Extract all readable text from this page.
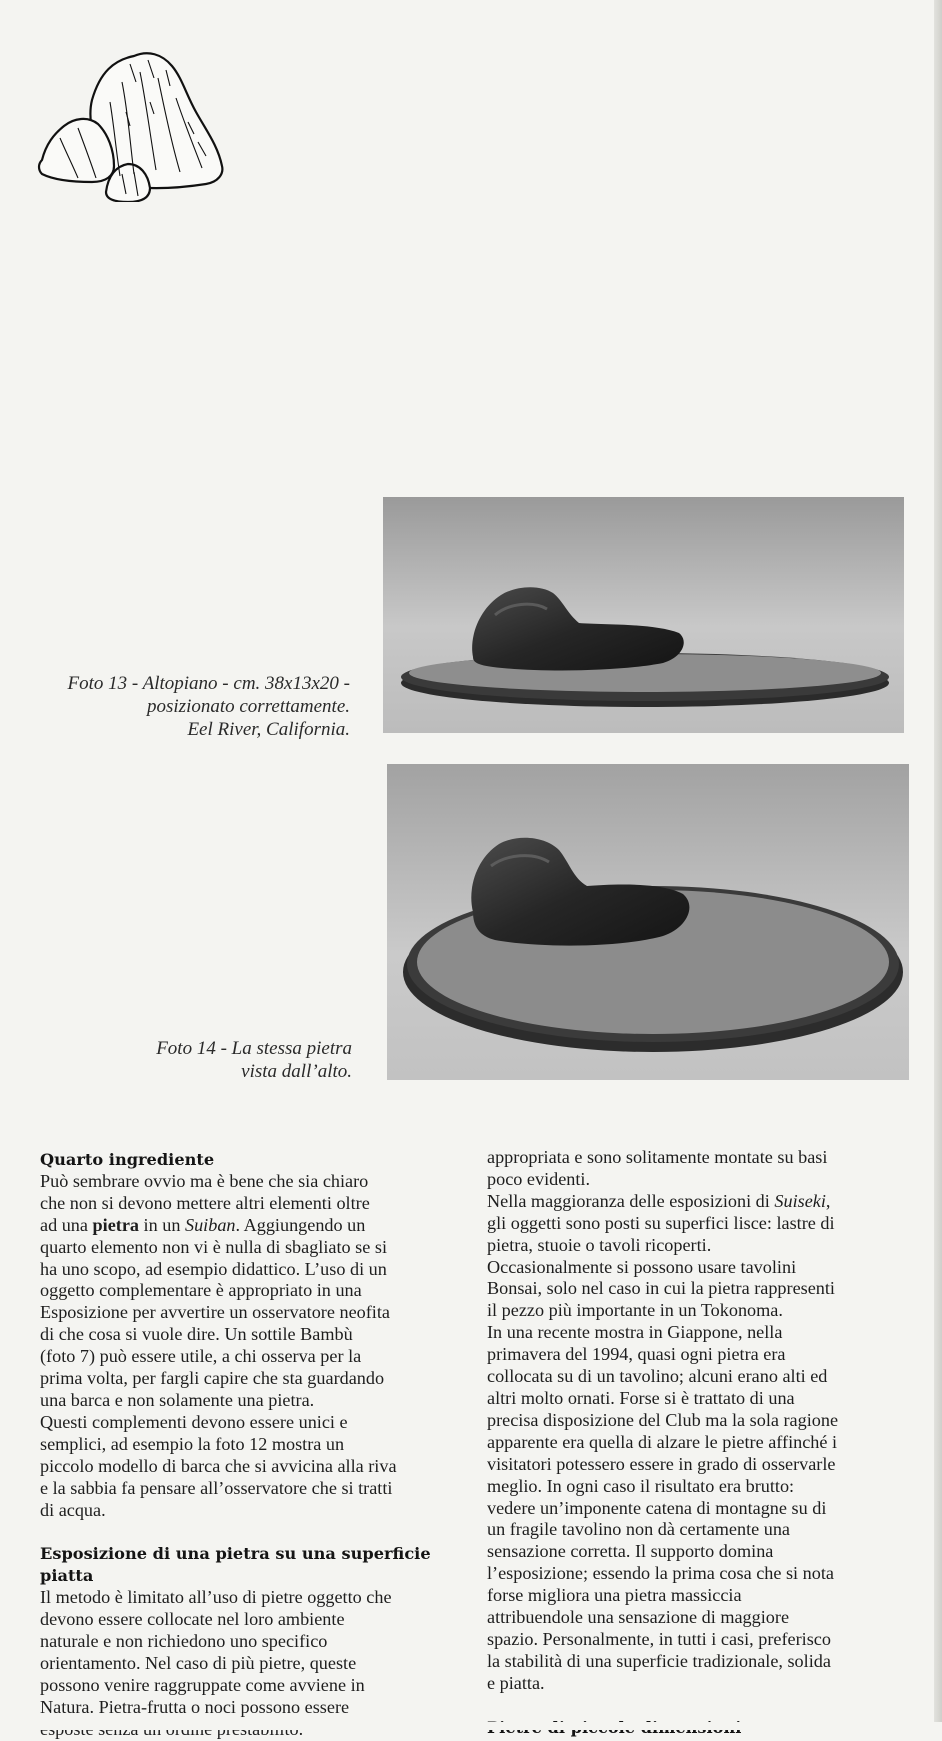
Foto 13 - Altopiano - cm. 38x13x20 -
posizionato correttamente.
Eel River, California.
Foto 14 - La stessa pietra
vista dall’alto.
Quarto ingrediente

Può sembrare ovvio ma è bene che sia chiaro
che non si devono mettere altri elementi oltre
ad una pietra in un Suiban. Aggiungendo un
quarto elemento non vi è nulla di sbagliato se si
ha uno scopo, ad esempio didattico. L’uso di un
oggetto complementare è appropriato in una
Esposizione per avvertire un osservatore neofita
di che cosa si vuole dire. Un sottile Bambù
(foto 7) può essere utile, a chi osserva per la
prima volta, per fargli capire che sta guardando
una barca e non solamente una pietra.

Questi complementi devono essere unici e
semplici, ad esempio la foto 12 mostra un
piccolo modello di barca che si avvicina alla riva
e la sabbia fa pensare all’osservatore che si tratti
di acqua.

Esposizione di una pietra su una superficie
piatta

Il metodo è limitato all’uso di pietre oggetto che
devono essere collocate nel loro ambiente
naturale e non richiedono uno specifico
orientamento. Nel caso di più pietre, queste
possono venire raggruppate come avviene in
Natura. Pietra-frutta o noci possono essere

appropriata e sono solitamente montate su basi
poco evidenti.

Nella maggioranza delle esposizioni di Suiseki,
gli oggetti sono posti su superfici lisce: lastre di
pietra, stuoie o tavoli ricoperti.

Occasionalmente si possono usare tavolini
Bonsai, solo nel caso in cui la pietra rappresenti
il pezzo più importante in un Tokonoma.

In una recente mostra in Giappone, nella
primavera del 1994, quasi ogni pietra era
collocata su di un tavolino; alcuni erano alti ed
altri molto ornati. Forse si è trattato di una
precisa disposizione del Club ma la sola ragione
apparente era quella di alzare le pietre affinché i
visitatori potessero essere in grado di osservarle
meglio. In ogni caso il risultato era brutto:
vedere un’imponente catena di montagne su di
un fragile tavolino non dà certamente una
sensazione corretta. Il supporto domina
l’esposizione; essendo la prima cosa che si nota
forse migliora una pietra massiccia
attribuendole una sensazione di maggiore
spazio. Personalmente, in tutti i casi, preferisco
la stabilità di una superficie tradizionale, solida
e piatta.
